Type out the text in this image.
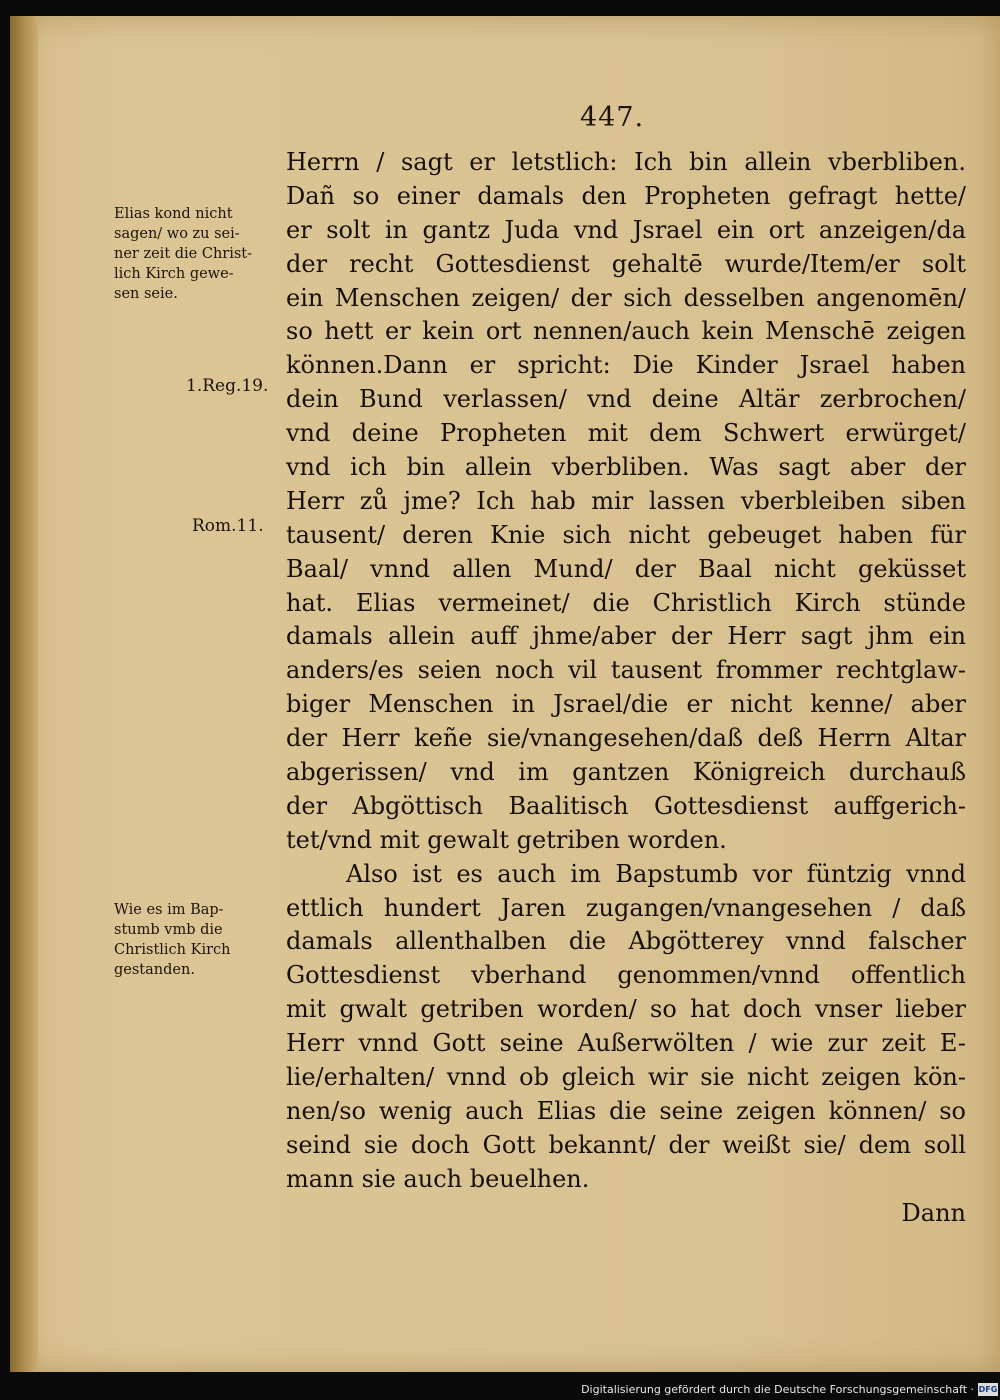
447.
Elias kond nicht
sagen/ wo zu sei-
ner zeit die Christ-
lich Kirch gewe-
sen seie.
1.Reg.19.
Rom.11.
Wie es im Bap-
stumb vmb die
Christlich Kirch
gestanden.
Herrn / sagt er letstlich: Ich bin allein vberbliben.
Dañ so einer damals den Propheten gefragt hette/
er solt in gantz Juda vnd Jsrael ein ort anzeigen/da
der recht Gottesdienst gehaltē wurde/Item/er solt
ein Menschen zeigen/ der sich desselben angenomēn/
so hett er kein ort nennen/auch kein Menschē zeigen
können.Dann er spricht: Die Kinder Jsrael haben
dein Bund verlassen/ vnd deine Altär zerbrochen/
vnd deine Propheten mit dem Schwert erwürget/
vnd ich bin allein vberbliben. Was sagt aber der
Herr zů jme? Ich hab mir lassen vberbleiben siben
tausent/ deren Knie sich nicht gebeuget haben für
Baal/ vnnd allen Mund/ der Baal nicht geküsset
hat. Elias vermeinet/ die Christlich Kirch stünde
damals allein auff jhme/aber der Herr sagt jhm ein
anders/es seien noch vil tausent frommer rechtglaw-
biger Menschen in Jsrael/die er nicht kenne/ aber
der Herr keñe sie/vnangesehen/daß deß Herrn Altar
abgerissen/ vnd im gantzen Königreich durchauß
der Abgöttisch Baalitisch Gottesdienst auffgerich-
tet/vnd mit gewalt getriben worden.
Also ist es auch im Bapstumb vor füntzig vnnd
ettlich hundert Jaren zugangen/vnangesehen / daß
damals allenthalben die Abgötterey vnnd falscher
Gottesdienst vberhand genommen/vnnd offentlich
mit gwalt getriben worden/ so hat doch vnser lieber
Herr vnnd Gott seine Außerwölten / wie zur zeit E-
lie/erhalten/ vnnd ob gleich wir sie nicht zeigen kön-
nen/so wenig auch Elias die seine zeigen können/ so
seind sie doch Gott bekannt/ der weißt sie/ dem soll
mann sie auch beuelhen.
Dann
Digitalisierung gefördert durch die Deutsche Forschungsgemeinschaft · DFG
